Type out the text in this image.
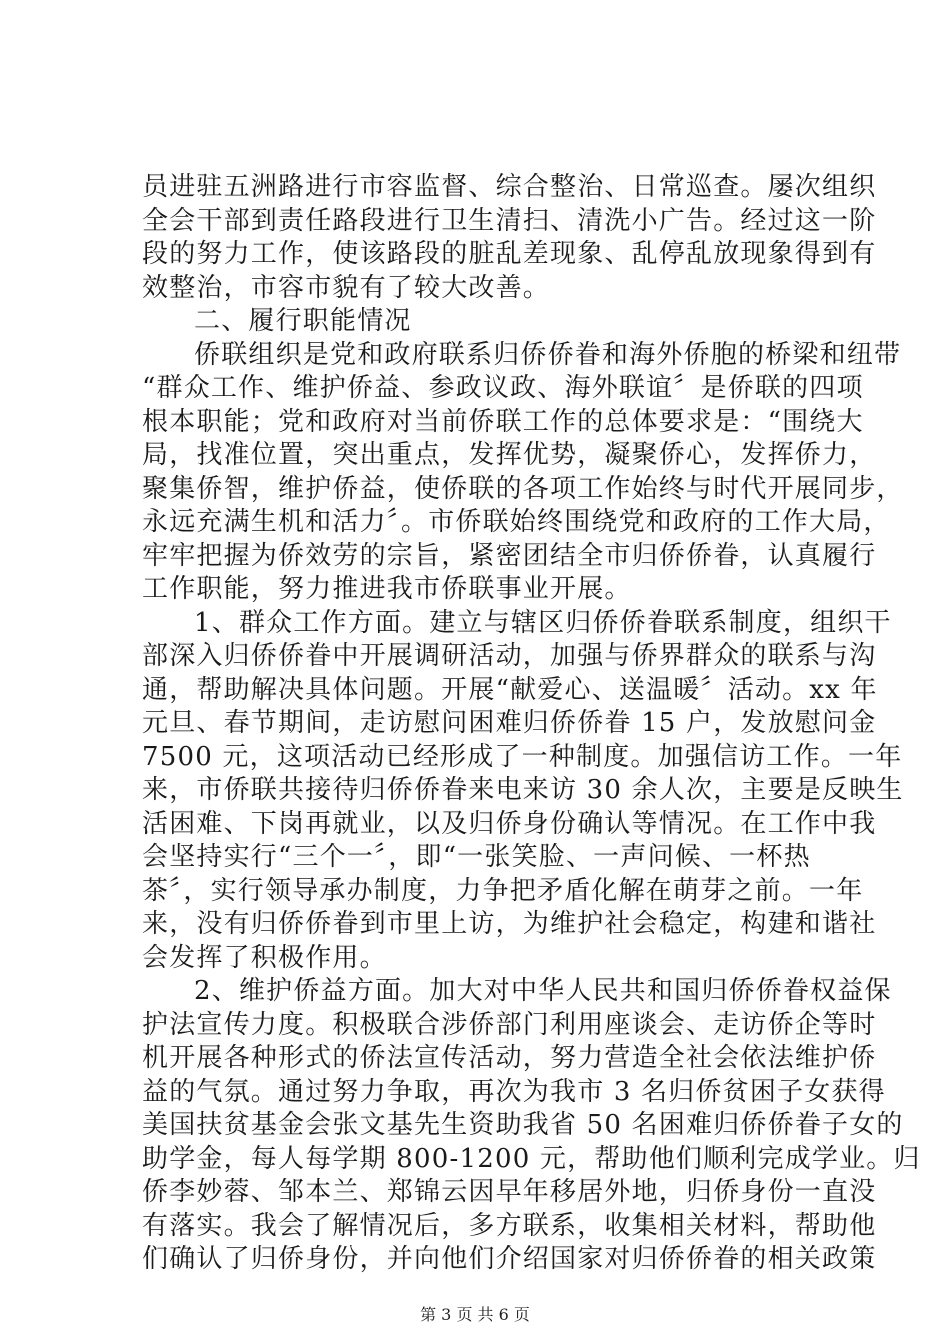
员进驻五洲路进行市容监督、综合整治、日常巡查。屡次组织
全会干部到责任路段进行卫生清扫、清洗小广告。经过这一阶
段的努力工作，使该路段的脏乱差现象、乱停乱放现象得到有
效整治，市容市貌有了较大改善。
二、履行职能情况
侨联组织是党和政府联系归侨侨眷和海外侨胞的桥梁和纽带
“群众工作、维护侨益、参政议政、海外联谊〞是侨联的四项
根本职能；党和政府对当前侨联工作的总体要求是：“围绕大
局，找准位置，突出重点，发挥优势，凝聚侨心，发挥侨力，
聚集侨智，维护侨益，使侨联的各项工作始终与时代开展同步，
永远充满生机和活力〞。市侨联始终围绕党和政府的工作大局，
牢牢把握为侨效劳的宗旨，紧密团结全市归侨侨眷，认真履行
工作职能，努力推进我市侨联事业开展。
1、群众工作方面。建立与辖区归侨侨眷联系制度，组织干
部深入归侨侨眷中开展调研活动，加强与侨界群众的联系与沟
通，帮助解决具体问题。开展“献爱心、送温暖〞活动。xx 年
元旦、春节期间，走访慰问困难归侨侨眷 15 户，发放慰问金
7500 元，这项活动已经形成了一种制度。加强信访工作。一年
来，市侨联共接待归侨侨眷来电来访 30 余人次，主要是反映生
活困难、下岗再就业，以及归侨身份确认等情况。在工作中我
会坚持实行“三个一〞，即“一张笑脸、一声问候、一杯热
茶〞，实行领导承办制度，力争把矛盾化解在萌芽之前。一年
来，没有归侨侨眷到市里上访，为维护社会稳定，构建和谐社
会发挥了积极作用。
2、维护侨益方面。加大对中华人民共和国归侨侨眷权益保
护法宣传力度。积极联合涉侨部门利用座谈会、走访侨企等时
机开展各种形式的侨法宣传活动，努力营造全社会依法维护侨
益的气氛。通过努力争取，再次为我市 3 名归侨贫困子女获得
美国扶贫基金会张文基先生资助我省 50 名困难归侨侨眷子女的
助学金，每人每学期 800-1200 元，帮助他们顺利完成学业。归
侨李妙蓉、邹本兰、郑锦云因早年移居外地，归侨身份一直没
有落实。我会了解情况后，多方联系，收集相关材料，帮助他
们确认了归侨身份，并向他们介绍国家对归侨侨眷的相关政策
第 3 页 共 6 页
